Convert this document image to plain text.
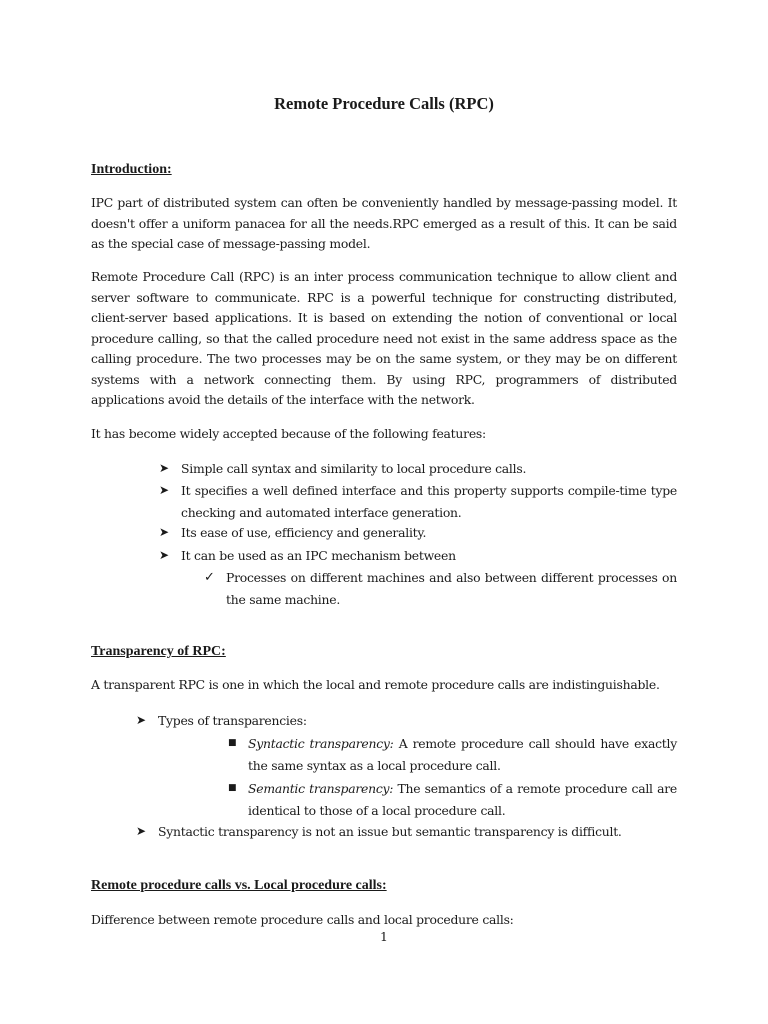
Remote Procedure Calls (RPC)
Introduction:
IPC part of distributed system can often be conveniently handled by message-passing model. It doesn't offer a uniform panacea for all the needs.RPC emerged as a result of this. It can be said as the special case of message-passing model.
Remote Procedure Call (RPC) is an inter process communication technique to allow client and server software to communicate. RPC is a powerful technique for constructing distributed, client-server based applications. It is based on extending the notion of conventional or local procedure calling, so that the called procedure need not exist in the same address space as the calling procedure. The two processes may be on the same system, or they may be on different systems with a network connecting them. By using RPC, programmers of distributed applications avoid the details of the interface with the network.
It has become widely accepted because of the following features:
➤ Simple call syntax and similarity to local procedure calls.
➤ It specifies a well defined interface and this property supports compile-time type checking and automated interface generation.
➤ Its ease of use, efficiency and generality.
➤ It can be used as an IPC mechanism between
✓ Processes on different machines and also between different processes on the same machine.
Transparency of RPC:
A transparent RPC is one in which the local and remote procedure calls are indistinguishable.
➤ Types of transparencies:
■ Syntactic transparency: A remote procedure call should have exactly the same syntax as a local procedure call.
■ Semantic transparency: The semantics of a remote procedure call are identical to those of a local procedure call.
➤ Syntactic transparency is not an issue but semantic transparency is difficult.
Remote procedure calls vs. Local procedure calls:
Difference between remote procedure calls and local procedure calls:
1
